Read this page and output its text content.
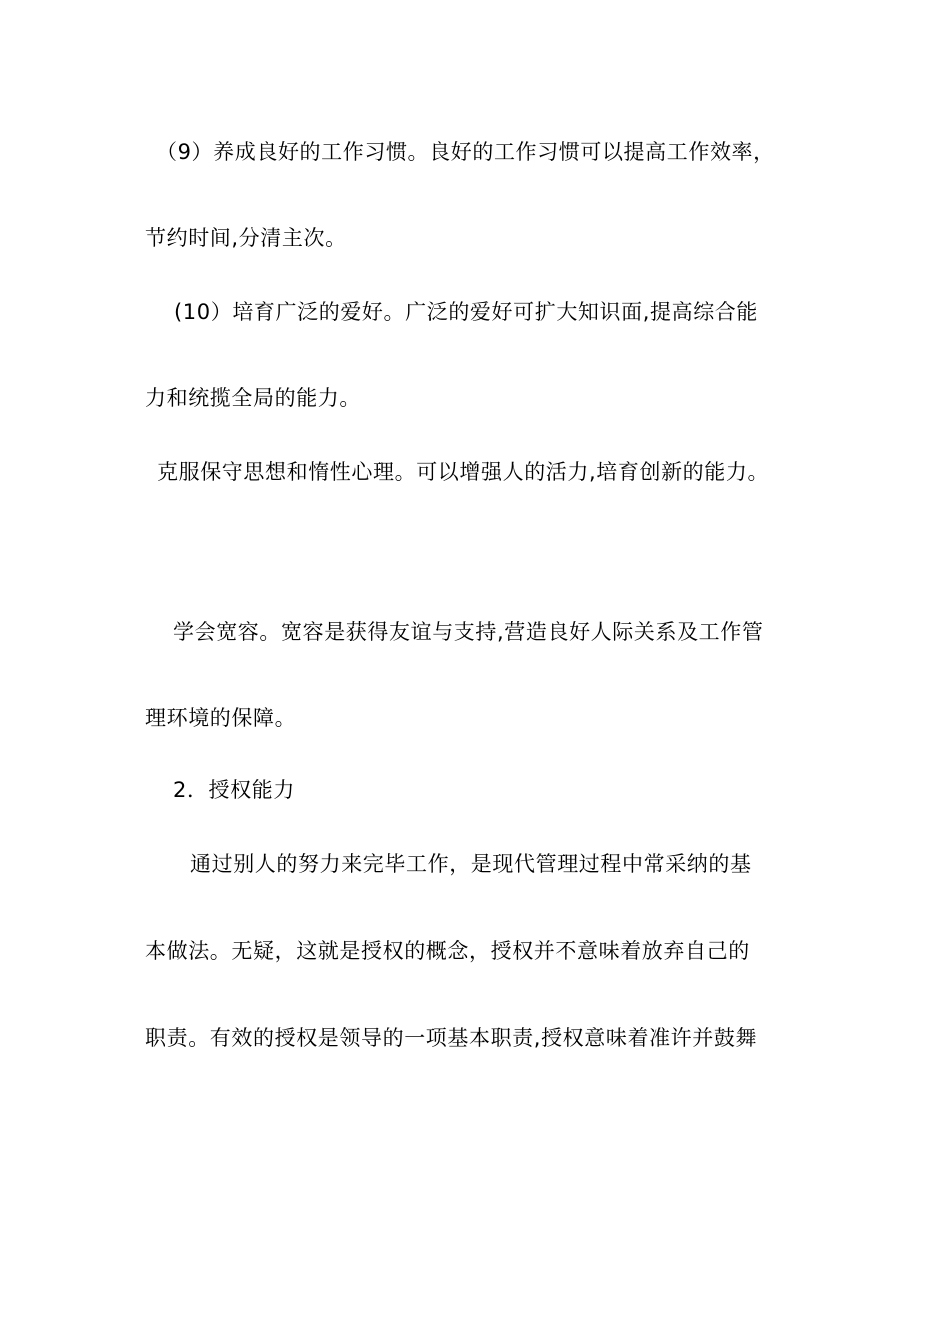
（9）养成良好的工作习惯。良好的工作习惯可以提高工作效率，
节约时间,分清主次。
(10）培育广泛的爱好。广泛的爱好可扩大知识面,提高综合能
力和统揽全局的能力。
克服保守思想和惰性心理。可以增强人的活力,培育创新的能力。
学会宽容。宽容是获得友谊与支持,营造良好人际关系及工作管
理环境的保障。
2．授权能力
通过别人的努力来完毕工作，是现代管理过程中常采纳的基
本做法。无疑，这就是授权的概念，授权并不意味着放弃自己的
职责。有效的授权是领导的一项基本职责,授权意味着准许并鼓舞
